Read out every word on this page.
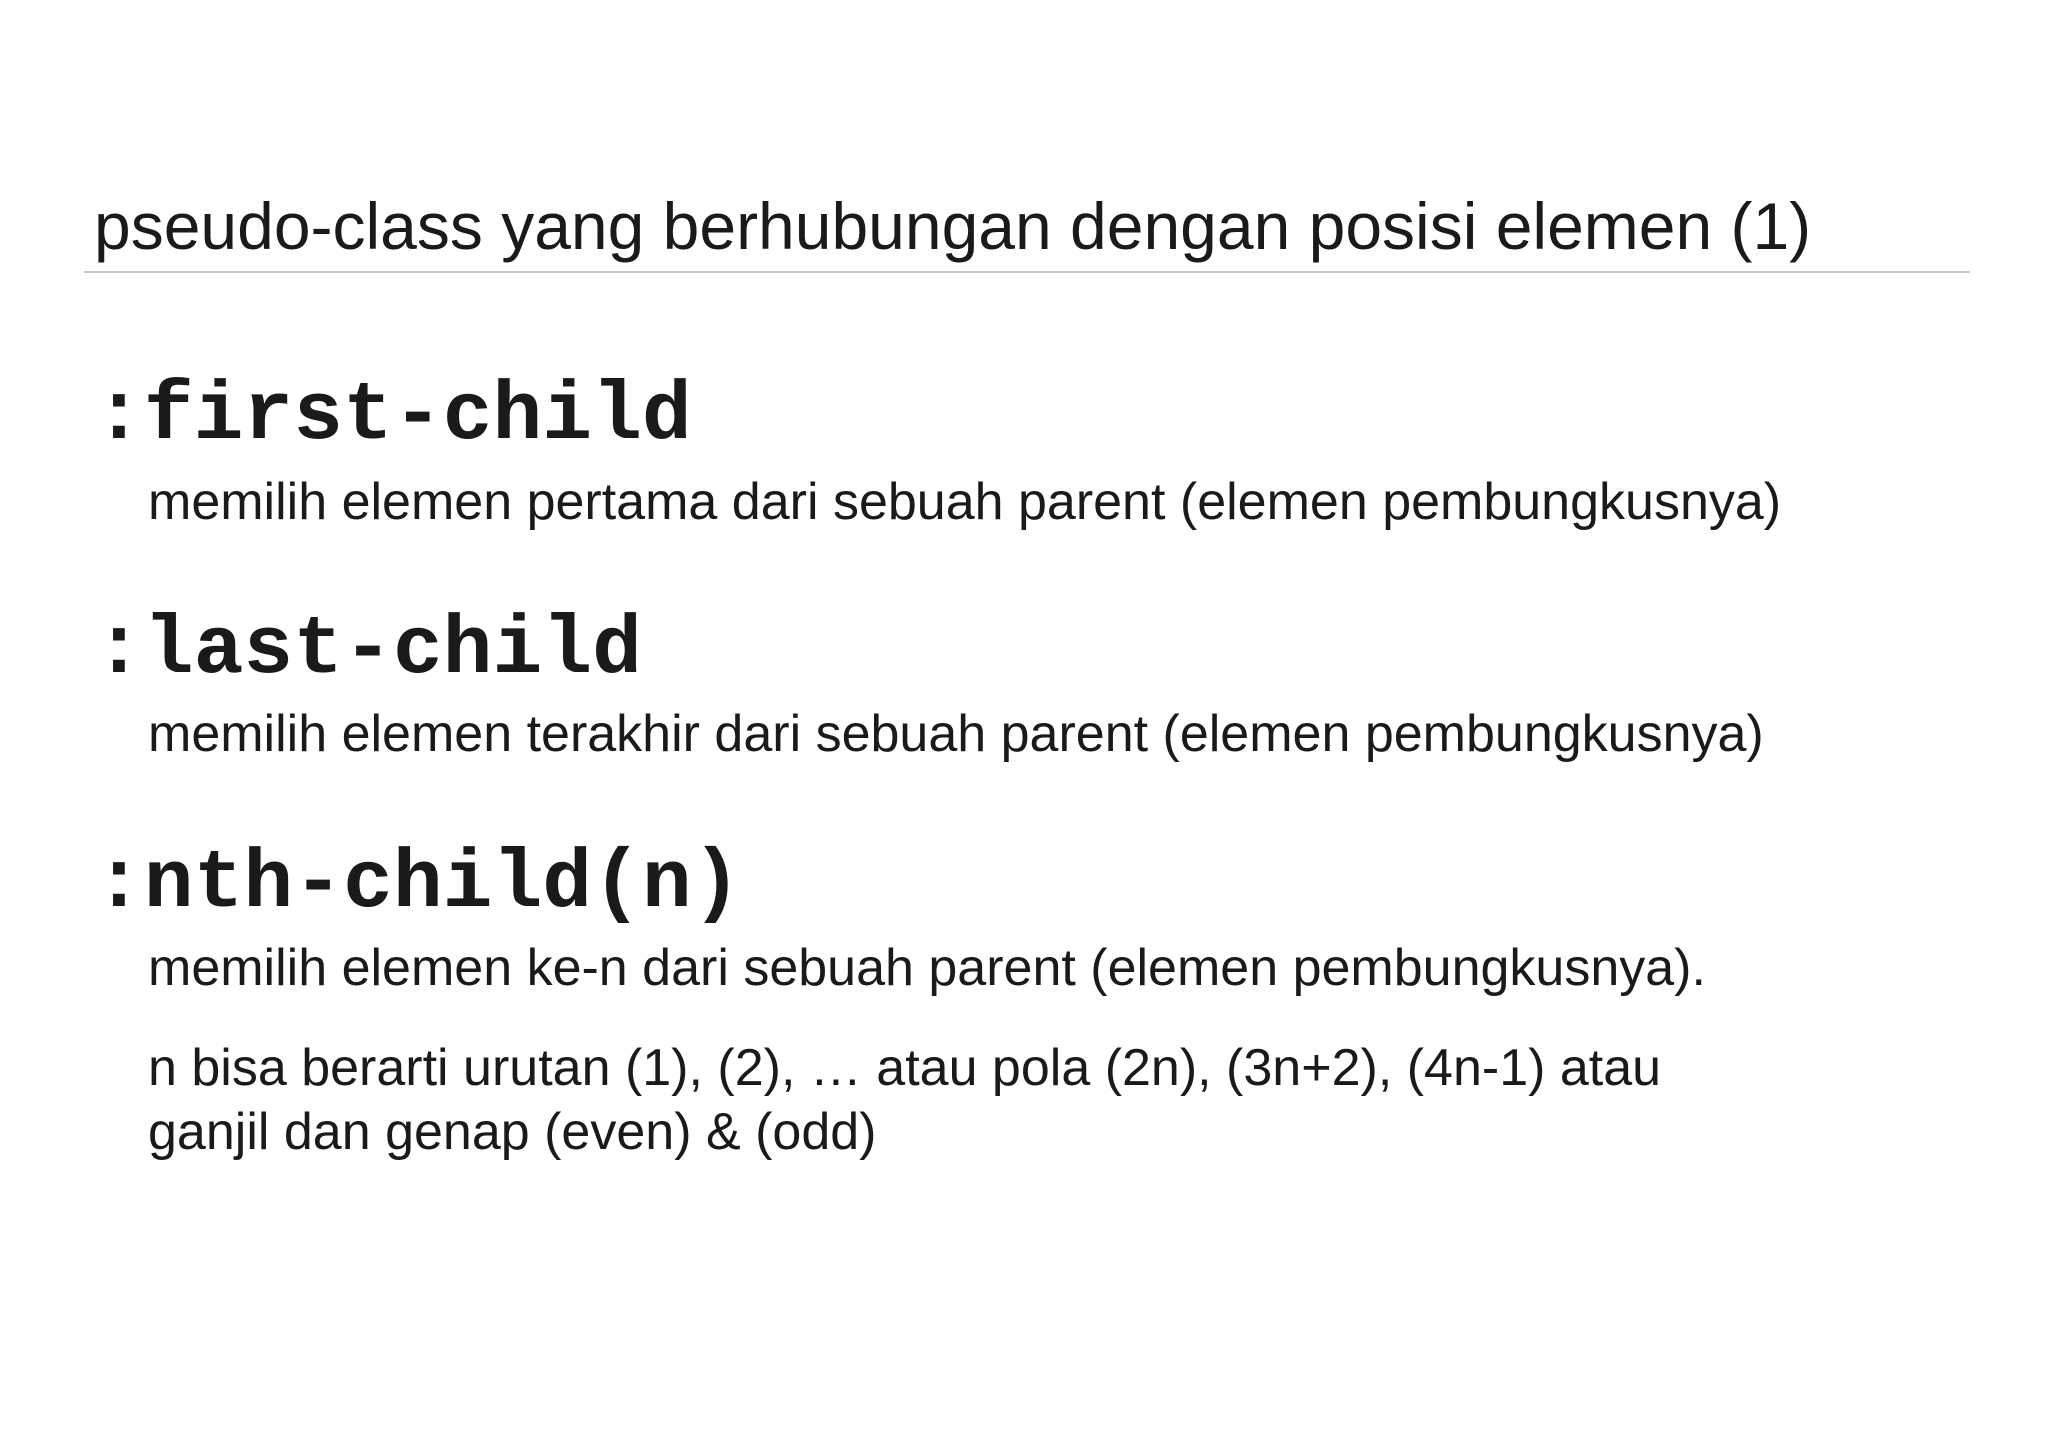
pseudo-class yang berhubungan dengan posisi elemen (1)

:first-child

memilih elemen pertama dari sebuah parent (elemen pembungkusnya)

:last-child

memilih elemen terakhir dari sebuah parent (elemen pembungkusnya)

:nth-child(n)

memilih elemen ke-n dari sebuah parent (elemen pembungkusnya).

n bisa berarti urutan (1), (2), … atau pola (2n), (3n+2), (4n-1) atau

ganjil dan genap (even) & (odd)
